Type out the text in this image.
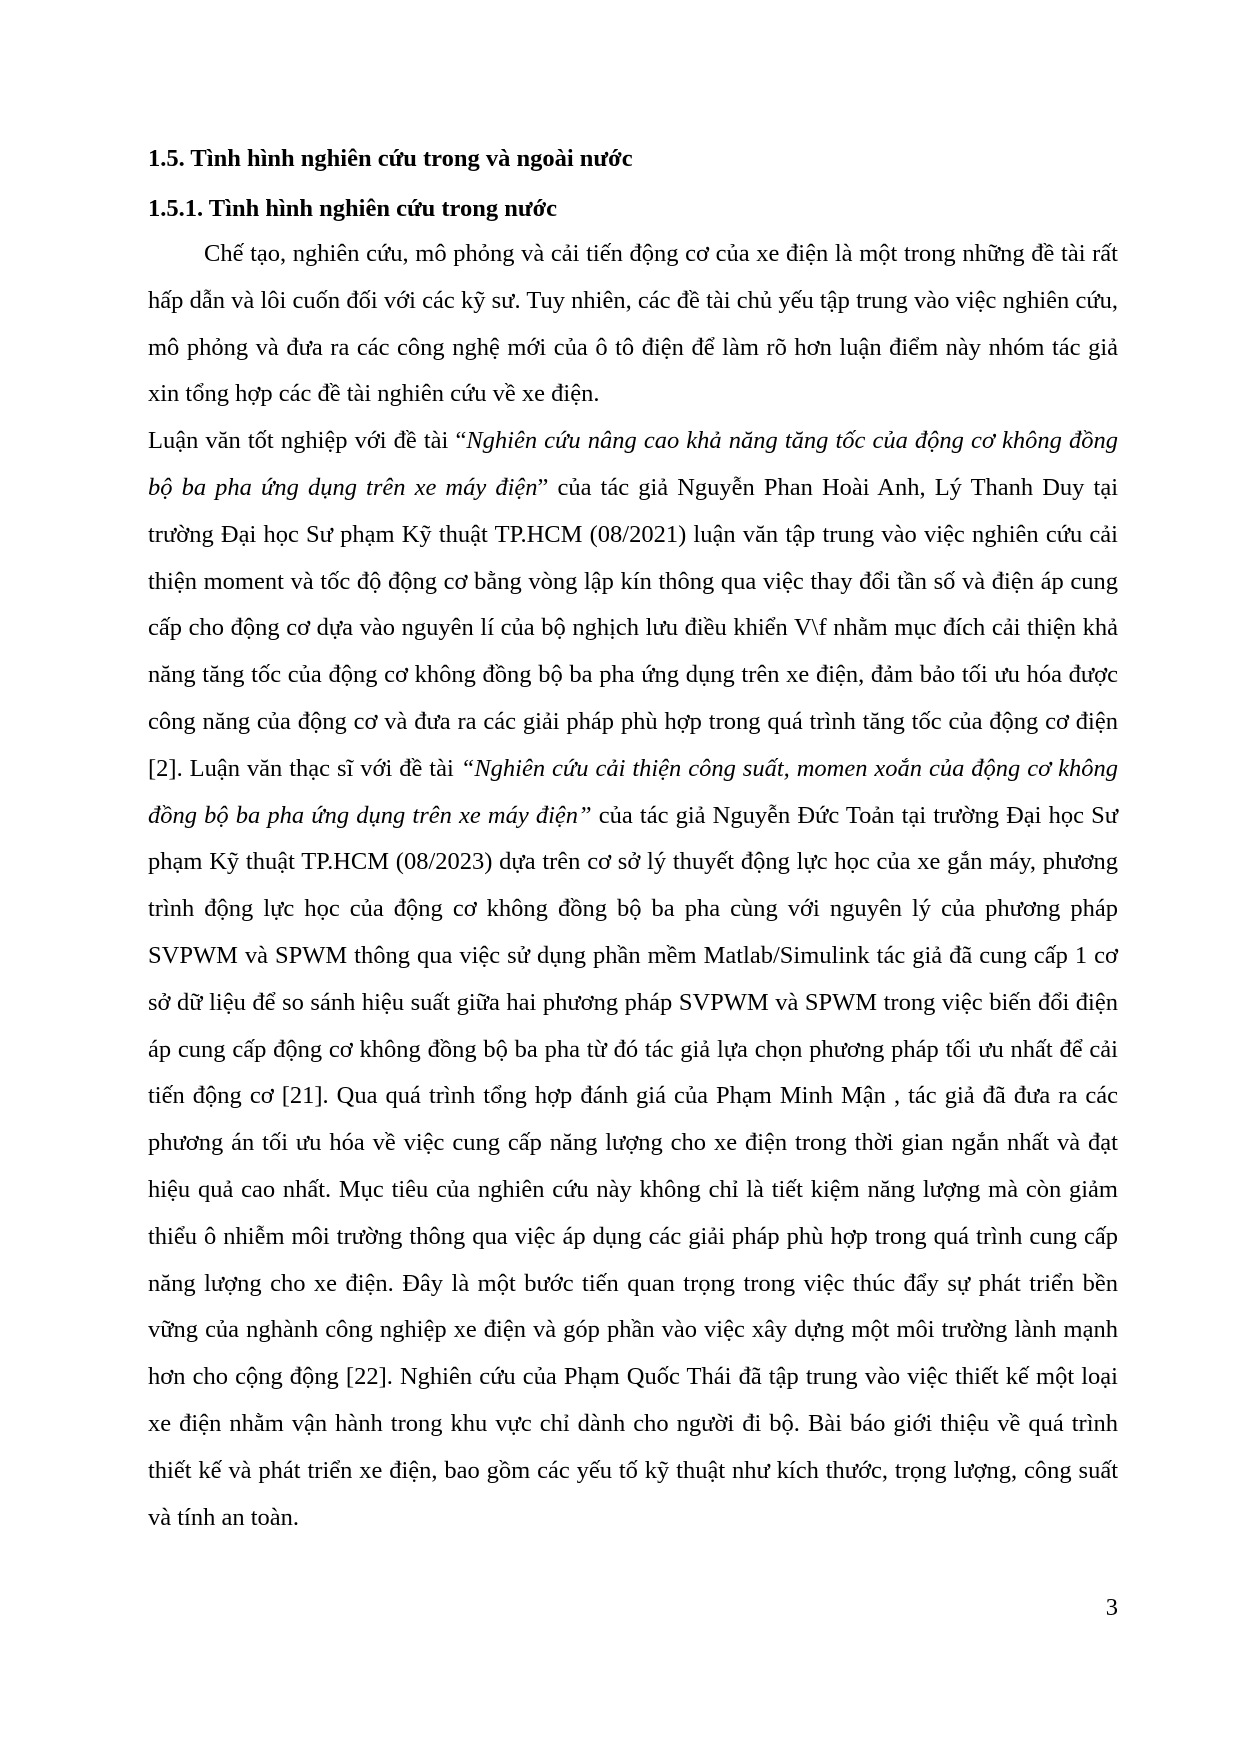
1.5. Tình hình nghiên cứu trong và ngoài nước
1.5.1. Tình hình nghiên cứu trong nước

Chế tạo, nghiên cứu, mô phỏng và cải tiến động cơ của xe điện là một trong những đề tài rất hấp dẫn và lôi cuốn đối với các kỹ sư. Tuy nhiên, các đề tài chủ yếu tập trung vào việc nghiên cứu, mô phỏng và đưa ra các công nghệ mới của ô tô điện để làm rõ hơn luận điểm này nhóm tác giả xin tổng hợp các đề tài nghiên cứu về xe điện.

Luận văn tốt nghiệp với đề tài “Nghiên cứu nâng cao khả năng tăng tốc của động cơ không đồng bộ ba pha ứng dụng trên xe máy điện” của tác giả Nguyễn Phan Hoài Anh, Lý Thanh Duy tại trường Đại học Sư phạm Kỹ thuật TP.HCM (08/2021) luận văn tập trung vào việc nghiên cứu cải thiện moment và tốc độ động cơ bằng vòng lập kín thông qua việc thay đổi tần số và điện áp cung cấp cho động cơ dựa vào nguyên lí của bộ nghịch lưu điều khiển V\f nhằm mục đích cải thiện khả năng tăng tốc của động cơ không đồng bộ ba pha ứng dụng trên xe điện, đảm bảo tối ưu hóa được công năng của động cơ và đưa ra các giải pháp phù hợp trong quá trình tăng tốc của động cơ điện [2]. Luận văn thạc sĩ với đề tài “Nghiên cứu cải thiện công suất, momen xoắn của động cơ không đồng bộ ba pha ứng dụng trên xe máy điện” của tác giả Nguyễn Đức Toản tại trường Đại học Sư phạm Kỹ thuật TP.HCM (08/2023) dựa trên cơ sở lý thuyết động lực học của xe gắn máy, phương trình động lực học của động cơ không đồng bộ ba pha cùng với nguyên lý của phương pháp SVPWM và SPWM thông qua việc sử dụng phần mềm Matlab/Simulink tác giả đã cung cấp 1 cơ sở dữ liệu để so sánh hiệu suất giữa hai phương pháp SVPWM và SPWM trong việc biến đổi điện áp cung cấp động cơ không đồng bộ ba pha từ đó tác giả lựa chọn phương pháp tối ưu nhất để cải tiến động cơ [21]. Qua quá trình tổng hợp đánh giá của Phạm Minh Mận , tác giả đã đưa ra các phương án tối ưu hóa về việc cung cấp năng lượng cho xe điện trong thời gian ngắn nhất và đạt hiệu quả cao nhất. Mục tiêu của nghiên cứu này không chỉ là tiết kiệm năng lượng mà còn giảm thiểu ô nhiễm môi trường thông qua việc áp dụng các giải pháp phù hợp trong quá trình cung cấp năng lượng cho xe điện. Đây là một bước tiến quan trọng trong việc thúc đẩy sự phát triển bền vững của nghành công nghiệp xe điện và góp phần vào việc xây dựng một môi trường lành mạnh hơn cho cộng động [22]. Nghiên cứu của Phạm Quốc Thái đã tập trung vào việc thiết kế một loại xe điện nhằm vận hành trong khu vực chỉ dành cho người đi bộ. Bài báo giới thiệu về quá trình thiết kế và phát triển xe điện, bao gồm các yếu tố kỹ thuật như kích thước, trọng lượng, công suất và tính an toàn.

3
